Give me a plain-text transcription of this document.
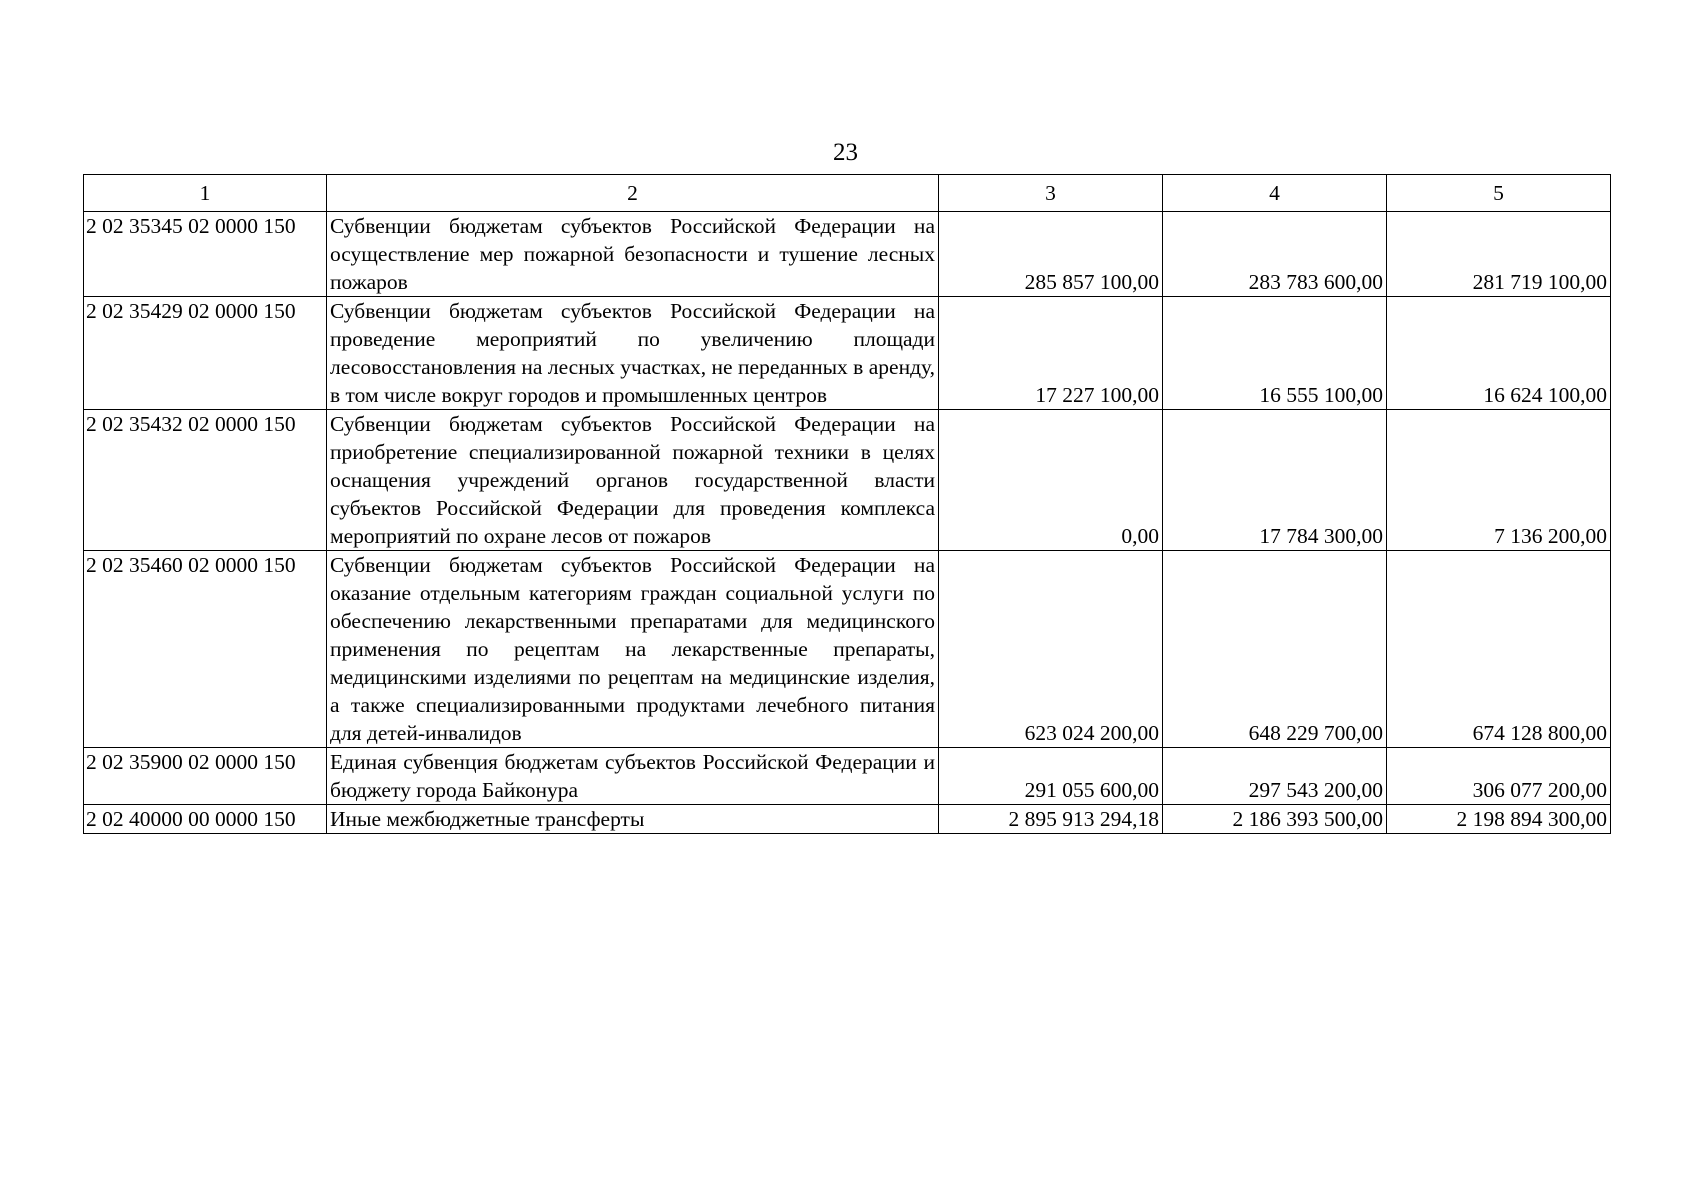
23
1	2	3	4	5
2 02 35345 02 0000 150	Субвенции бюджетам субъектов Российской Федерации на осуществление мер пожарной безопасности и тушение лесных пожаров	285 857 100,00	283 783 600,00	281 719 100,00
2 02 35429 02 0000 150	Субвенции бюджетам субъектов Российской Федерации на проведение мероприятий по увеличению площади лесовосстановления на лесных участках, не переданных в аренду, в том числе вокруг городов и промышленных центров	17 227 100,00	16 555 100,00	16 624 100,00
2 02 35432 02 0000 150	Субвенции бюджетам субъектов Российской Федерации на приобретение специализированной пожарной техники в целях оснащения учреждений органов государственной власти субъектов Российской Федерации для проведения комплекса мероприятий по охране лесов от пожаров	0,00	17 784 300,00	7 136 200,00
2 02 35460 02 0000 150	Субвенции бюджетам субъектов Российской Федерации на оказание отдельным категориям граждан социальной услуги по обеспечению лекарственными препаратами для медицинского применения по рецептам на лекарственные препараты, медицинскими изделиями по рецептам на медицинские изделия, а также специализированными продуктами лечебного питания для детей-инвалидов	623 024 200,00	648 229 700,00	674 128 800,00
2 02 35900 02 0000 150	Единая субвенция бюджетам субъектов Российской Федерации и бюджету города Байконура	291 055 600,00	297 543 200,00	306 077 200,00
2 02 40000 00 0000 150	Иные межбюджетные трансферты	2 895 913 294,18	2 186 393 500,00	2 198 894 300,00
